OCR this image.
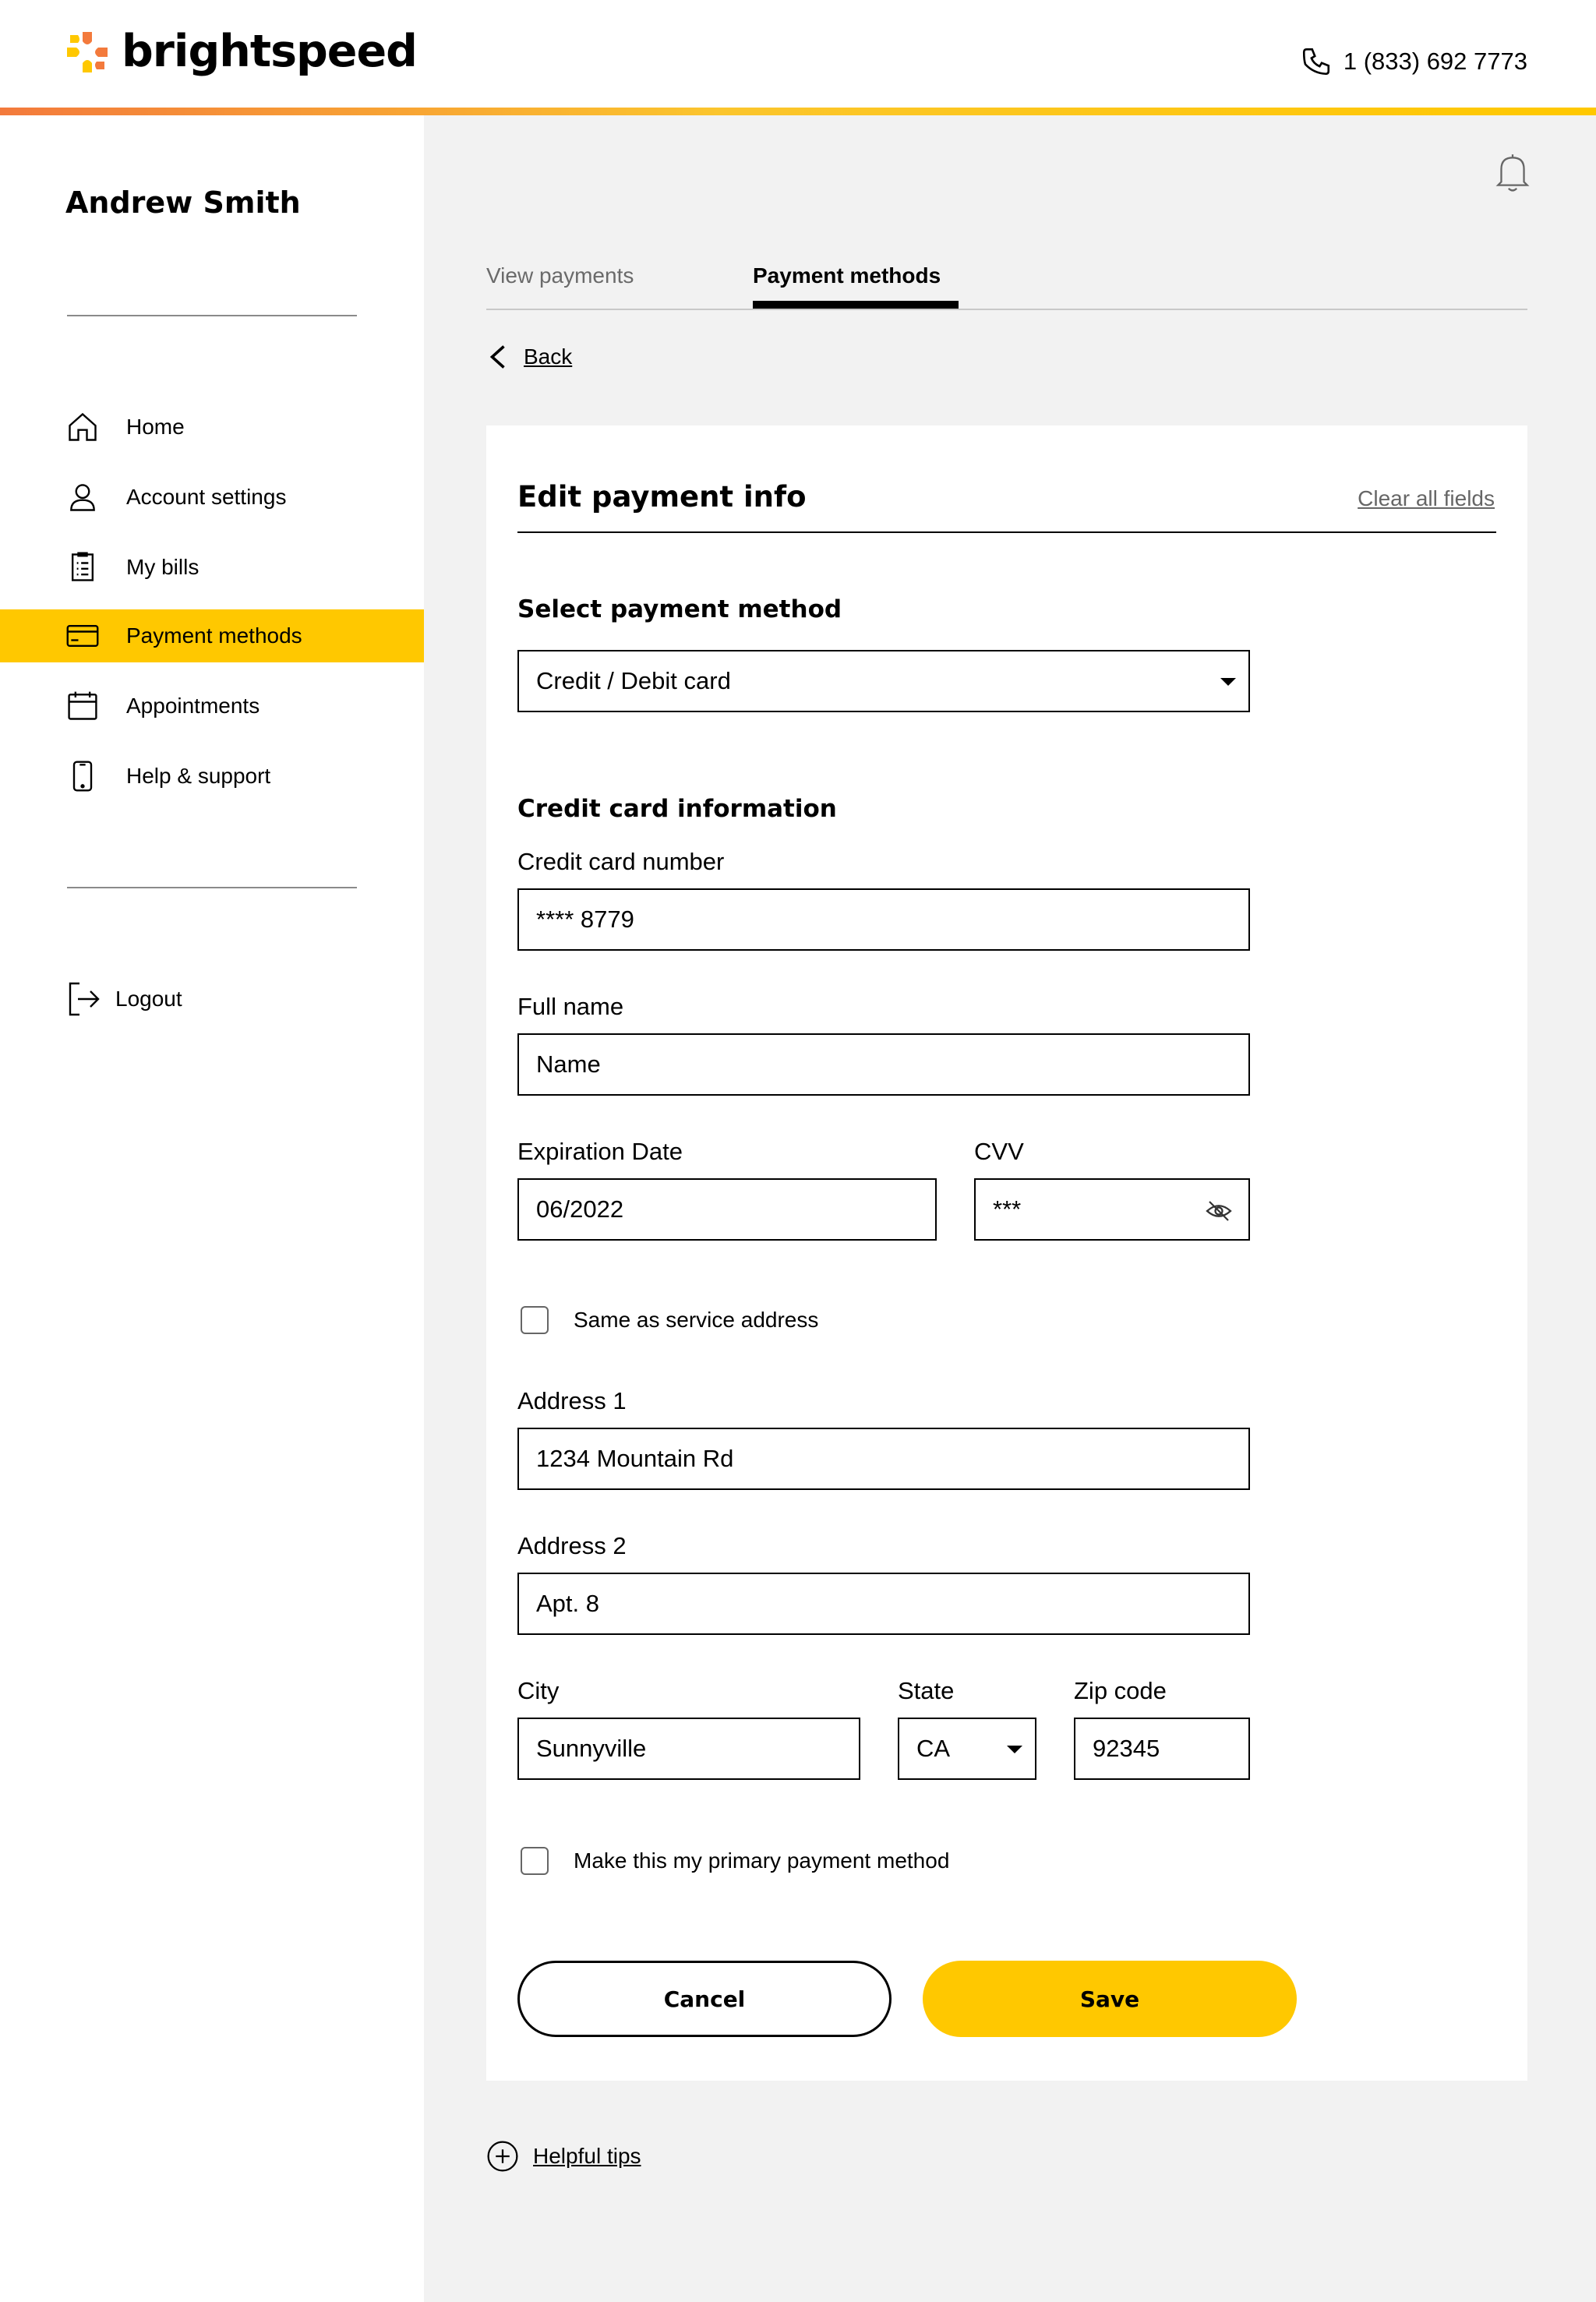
brightspeed	1 (833) 692 7773
Andrew Smith
Home
Account settings
My bills
Payment methods
Appointments
Help & support
Logout
View payments	Payment methods
Back
Edit payment info	Clear all fields
Select payment method
Credit / Debit card
Credit card information
Credit card number
**** 8779
Full name
Name
Expiration Date
06/2022
CVV
***
Same as service address
Address 1
1234 Mountain Rd
Address 2
Apt. 8
City
Sunnyville
State
CA
Zip code
92345
Make this my primary payment method
Cancel	Save
Helpful tips
